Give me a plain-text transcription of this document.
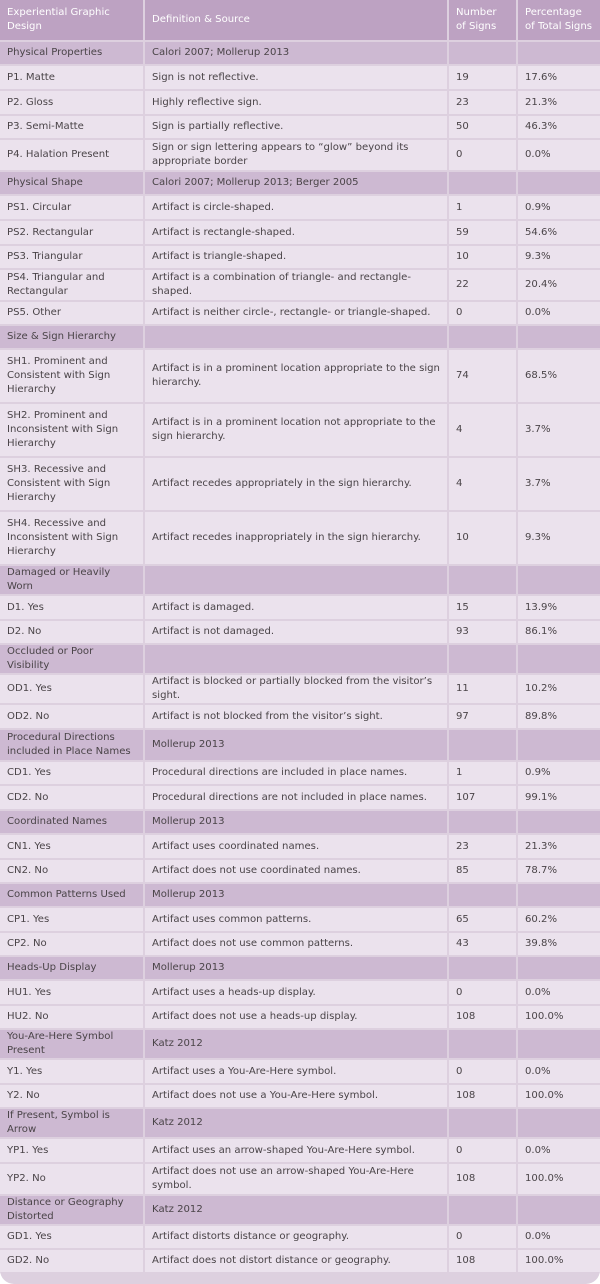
Experiential Graphic Design	Definition & Source	Number of Signs	Percentage of Total Signs
Physical Properties	Calori 2007; Mollerup 2013		
P1. Matte	Sign is not reflective.	19	17.6%
P2. Gloss	Highly reflective sign.	23	21.3%
P3. Semi-Matte	Sign is partially reflective.	50	46.3%
P4. Halation Present	Sign or sign lettering appears to “glow” beyond its appropriate border	0	0.0%
Physical Shape	Calori 2007; Mollerup 2013; Berger 2005		
PS1. Circular	Artifact is circle-shaped.	1	0.9%
PS2. Rectangular	Artifact is rectangle-shaped.	59	54.6%
PS3. Triangular	Artifact is triangle-shaped.	10	9.3%
PS4. Triangular and Rectangular	Artifact is a combination of triangle- and rectangle-shaped.	22	20.4%
PS5. Other	Artifact is neither circle-, rectangle- or triangle-shaped.	0	0.0%
Size & Sign Hierarchy			
SH1. Prominent and Consistent with Sign Hierarchy	Artifact is in a prominent location appropriate to the sign hierarchy.	74	68.5%
SH2. Prominent and Inconsistent with Sign Hierarchy	Artifact is in a prominent location not appropriate to the sign hierarchy.	4	3.7%
SH3. Recessive and Consistent with Sign Hierarchy	Artifact recedes appropriately in the sign hierarchy.	4	3.7%
SH4. Recessive and Inconsistent with Sign Hierarchy	Artifact recedes inappropriately in the sign hierarchy.	10	9.3%
Damaged or Heavily Worn			
D1. Yes	Artifact is damaged.	15	13.9%
D2. No	Artifact is not damaged.	93	86.1%
Occluded or Poor Visibility			
OD1. Yes	Artifact is blocked or partially blocked from the visitor’s sight.	11	10.2%
OD2. No	Artifact is not blocked from the visitor’s sight.	97	89.8%
Procedural Directions included in Place Names	Mollerup 2013		
CD1. Yes	Procedural directions are included in place names.	1	0.9%
CD2. No	Procedural directions are not included in place names.	107	99.1%
Coordinated Names	Mollerup 2013		
CN1. Yes	Artifact uses coordinated names.	23	21.3%
CN2. No	Artifact does not use coordinated names.	85	78.7%
Common Patterns Used	Mollerup 2013		
CP1. Yes	Artifact uses common patterns.	65	60.2%
CP2. No	Artifact does not use common patterns.	43	39.8%
Heads-Up Display	Mollerup 2013		
HU1. Yes	Artifact uses a heads-up display.	0	0.0%
HU2. No	Artifact does not use a heads-up display.	108	100.0%
You-Are-Here Symbol Present	Katz 2012		
Y1. Yes	Artifact uses a You-Are-Here symbol.	0	0.0%
Y2. No	Artifact does not use a You-Are-Here symbol.	108	100.0%
If Present, Symbol is Arrow	Katz 2012		
YP1. Yes	Artifact uses an arrow-shaped You-Are-Here symbol.	0	0.0%
YP2. No	Artifact does not use an arrow-shaped You-Are-Here symbol.	108	100.0%
Distance or Geography Distorted	Katz 2012		
GD1. Yes	Artifact distorts distance or geography.	0	0.0%
GD2. No	Artifact does not distort distance or geography.	108	100.0%
